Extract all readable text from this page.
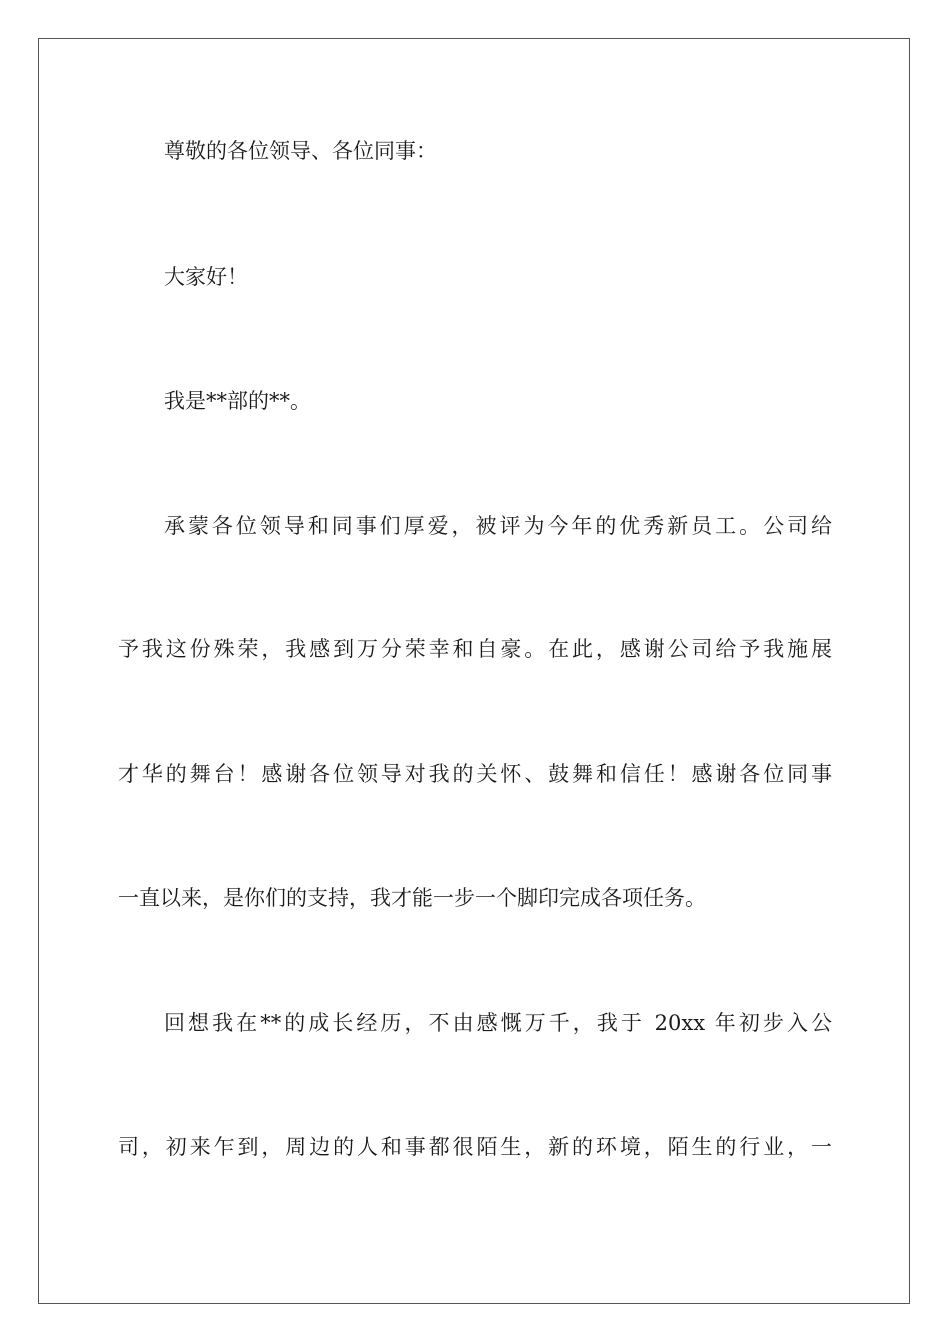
尊敬的各位领导、各位同事：
大家好！
我是**部的**。
承蒙各位领导和同事们厚爱，被评为今年的优秀新员工。公司给
予我这份殊荣，我感到万分荣幸和自豪。在此，感谢公司给予我施展
才华的舞台！感谢各位领导对我的关怀、鼓舞和信任！感谢各位同事
一直以来，是你们的支持，我才能一步一个脚印完成各项任务。
回想我在**的成长经历，不由感慨万千，我于 20xx 年初步入公
司，初来乍到，周边的人和事都很陌生，新的环境，陌生的行业，一
